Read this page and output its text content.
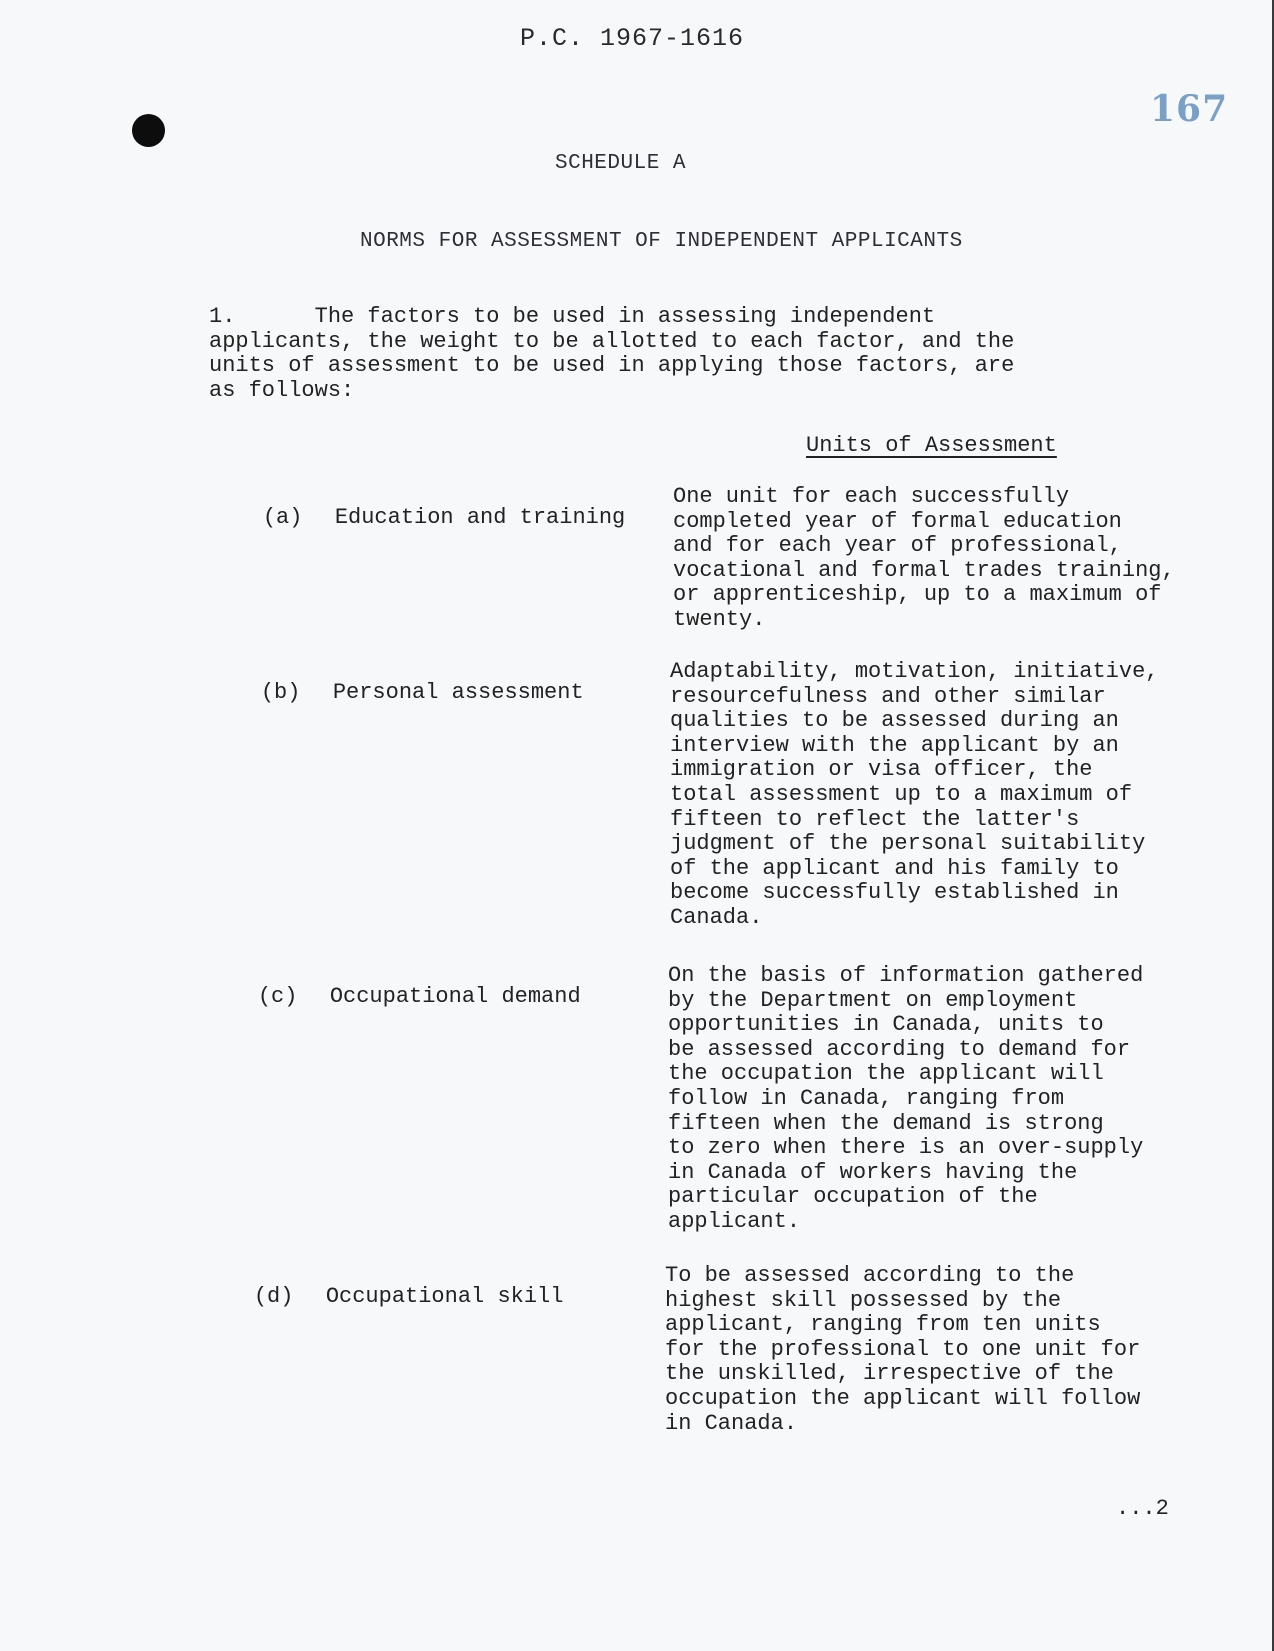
P.C. 1967-1616
167
SCHEDULE A
NORMS FOR ASSESSMENT OF INDEPENDENT APPLICANTS
1.      The factors to be used in assessing independent
applicants, the weight to be allotted to each factor, and the
units of assessment to be used in applying those factors, are
as follows:
Units of Assessment

(a) Education and training

One unit for each successfully
completed year of formal education
and for each year of professional,
vocational and formal trades training,
or apprenticeship, up to a maximum of
twenty.

(b) Personal assessment

Adaptability, motivation, initiative,
resourcefulness and other similar
qualities to be assessed during an
interview with the applicant by an
immigration or visa officer, the
total assessment up to a maximum of
fifteen to reflect the latter's
judgment of the personal suitability
of the applicant and his family to
become successfully established in
Canada.

(c) Occupational demand

On the basis of information gathered
by the Department on employment
opportunities in Canada, units to
be assessed according to demand for
the occupation the applicant will
follow in Canada, ranging from
fifteen when the demand is strong
to zero when there is an over-supply
in Canada of workers having the
particular occupation of the
applicant.

(d) Occupational skill

To be assessed according to the
highest skill possessed by the
applicant, ranging from ten units
for the professional to one unit for
the unskilled, irrespective of the
occupation the applicant will follow
in Canada.
...2
